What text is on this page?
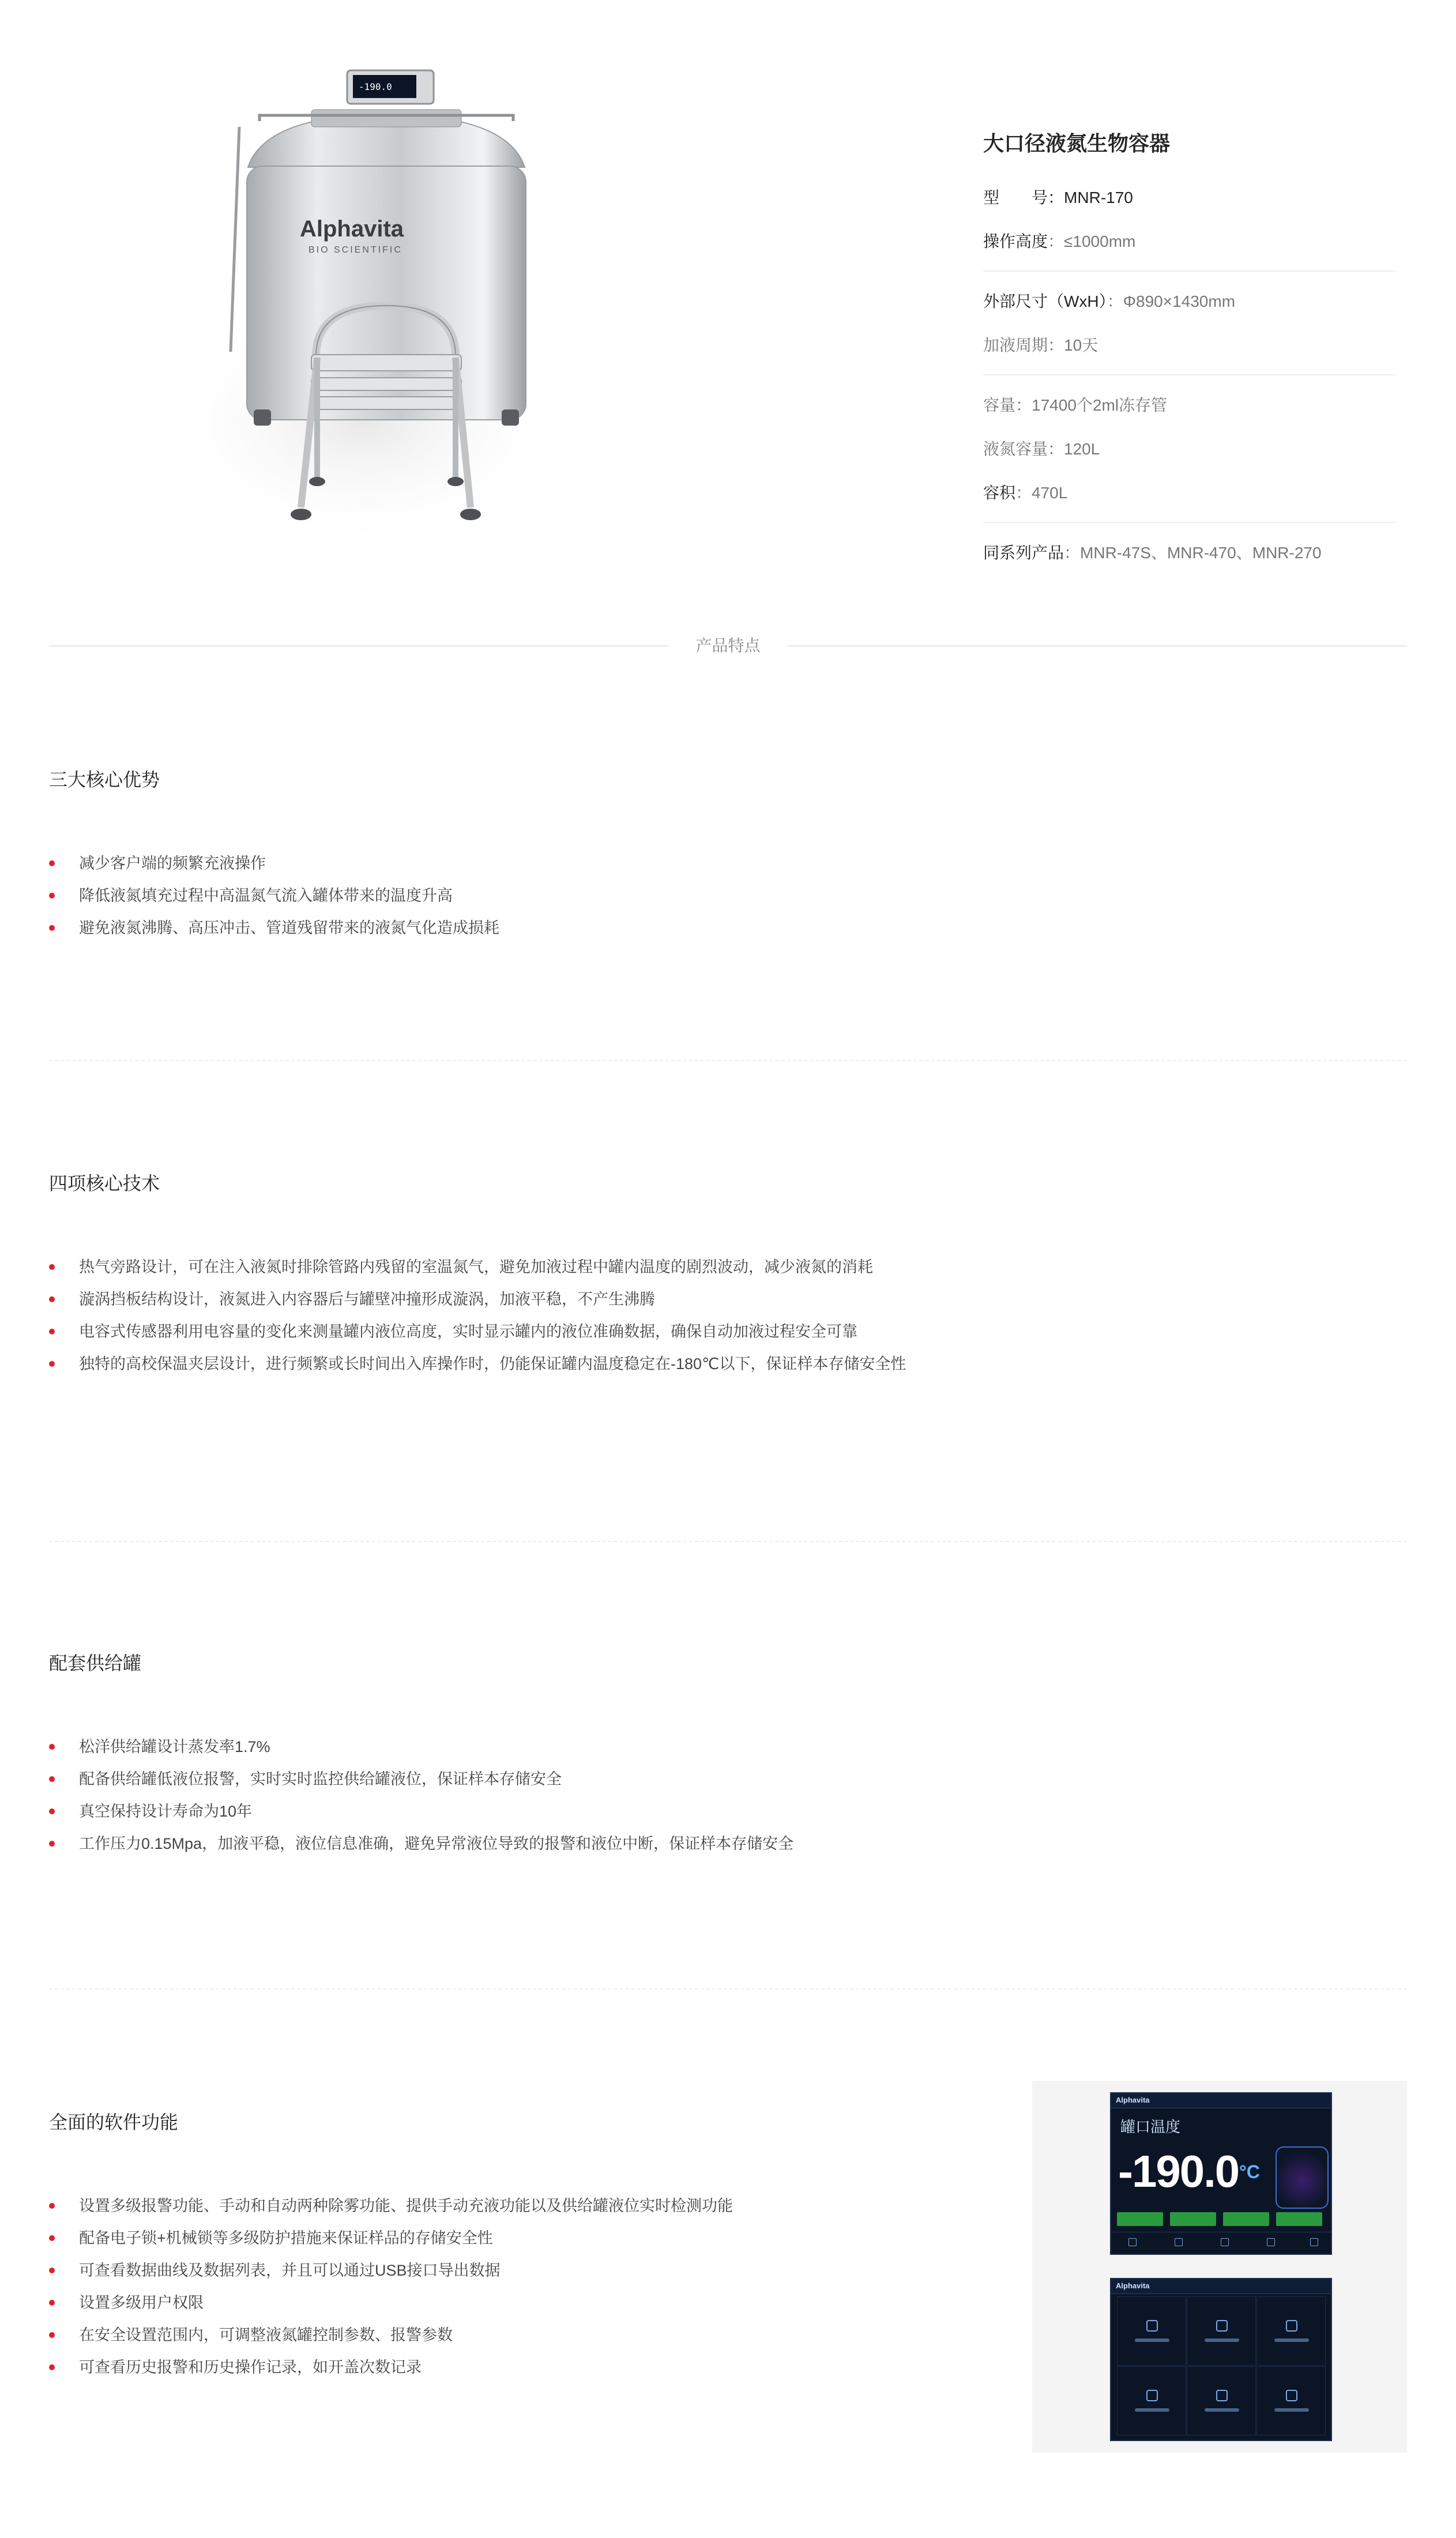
-190.0
Alphavita
BIO SCIENTIFIC
大口径液氮生物容器
型 号：MNR-170
操作高度：≤1000mm
外部尺寸（WxH）：Φ890×1430mm
加液周期：10天
容量：17400个2ml冻存管
液氮容量：120L
容积：470L
同系列产品：MNR-47S、MNR-470、MNR-270
产品特点
三大核心优势
减少客户端的频繁充液操作
降低液氮填充过程中高温氮气流入罐体带来的温度升高
避免液氮沸腾、高压冲击、管道残留带来的液氮气化造成损耗
四项核心技术
热气旁路设计，可在注入液氮时排除管路内残留的室温氮气，避免加液过程中罐内温度的剧烈波动，减少液氮的消耗
漩涡挡板结构设计，液氮进入内容器后与罐壁冲撞形成漩涡，加液平稳，不产生沸腾
电容式传感器利用电容量的变化来测量罐内液位高度，实时显示罐内的液位准确数据，确保自动加液过程安全可靠
独特的高校保温夹层设计，进行频繁或长时间出入库操作时，仍能保证罐内温度稳定在-180℃以下，保证样本存储安全性
配套供给罐
松洋供给罐设计蒸发率1.7%
配备供给罐低液位报警，实时实时监控供给罐液位，保证样本存储安全
真空保持设计寿命为10年
工作压力0.15Mpa，加液平稳，液位信息准确，避免异常液位导致的报警和液位中断，保证样本存储安全
全面的软件功能
设置多级报警功能、手动和自动两种除雾功能、提供手动充液功能以及供给罐液位实时检测功能
配备电子锁+机械锁等多级防护措施来保证样品的存储安全性
可查看数据曲线及数据列表，并且可以通过USB接口导出数据
设置多级用户权限
在安全设置范围内，可调整液氮罐控制参数、报警参数
可查看历史报警和历史操作记录，如开盖次数记录
Alphavita
罐口温度
-190.0 °C
Alphavita
